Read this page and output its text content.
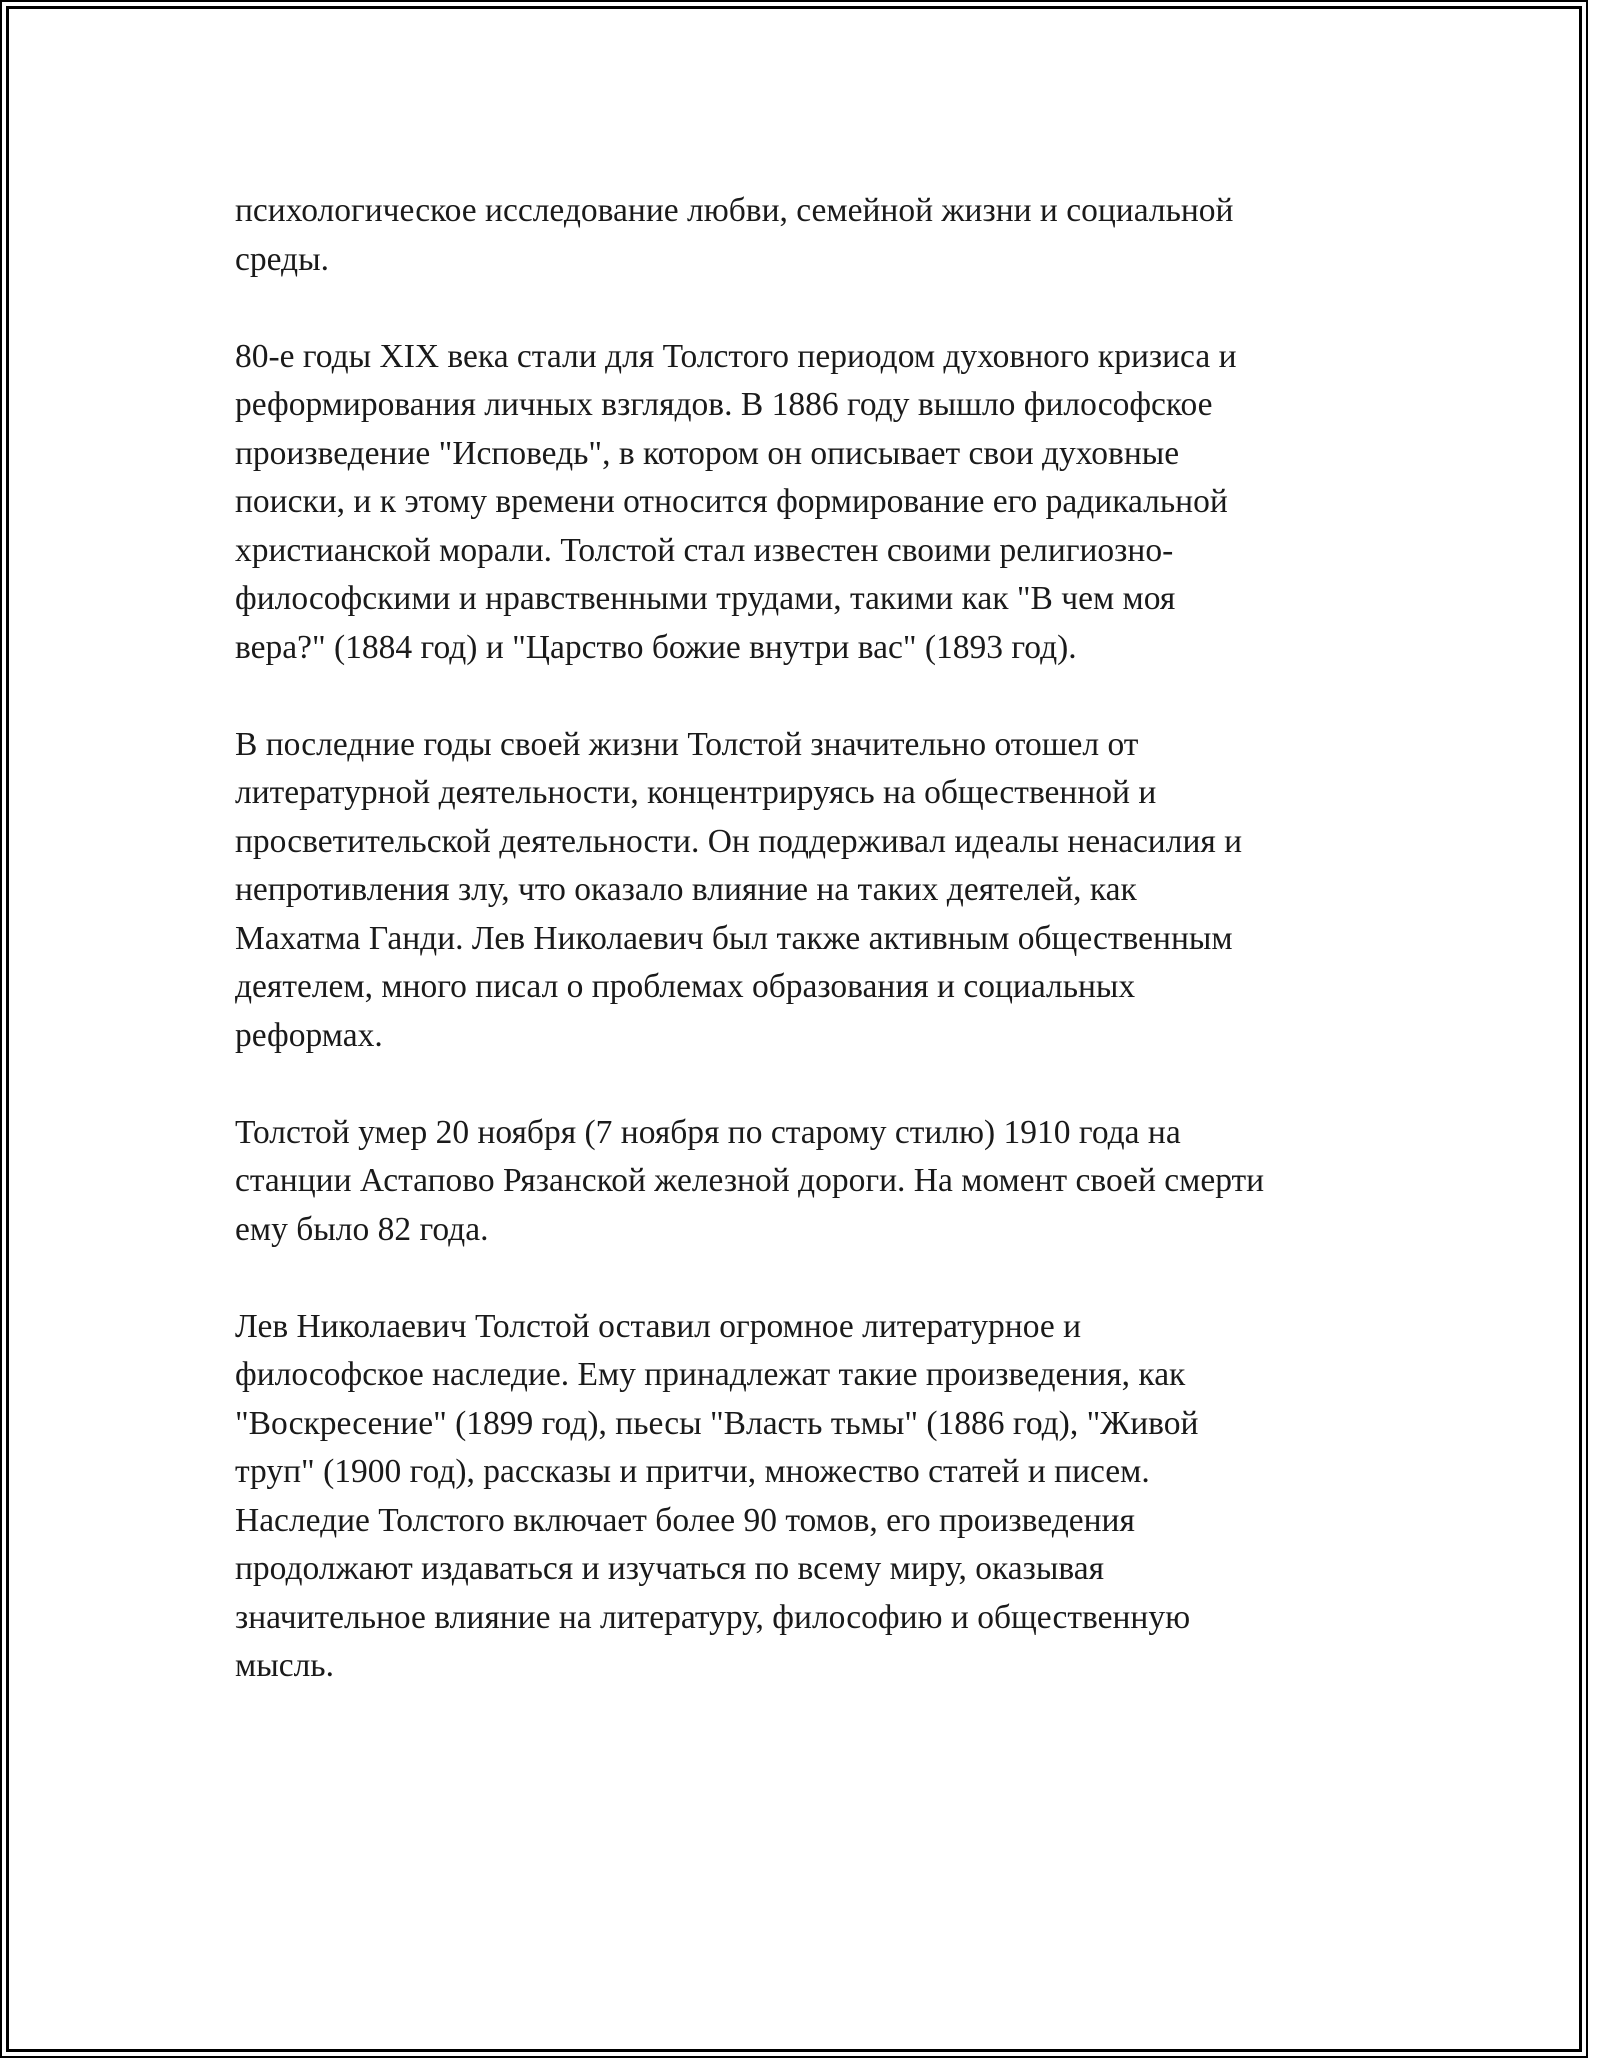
психологическое исследование любви, семейной жизни и социальной
среды.

80-е годы XIX века стали для Толстого периодом духовного кризиса и
реформирования личных взглядов. В 1886 году вышло философское
произведение "Исповедь", в котором он описывает свои духовные
поиски, и к этому времени относится формирование его радикальной
христианской морали. Толстой стал известен своими религиозно-
философскими и нравственными трудами, такими как "В чем моя
вера?" (1884 год) и "Царство божие внутри вас" (1893 год).

В последние годы своей жизни Толстой значительно отошел от
литературной деятельности, концентрируясь на общественной и
просветительской деятельности. Он поддерживал идеалы ненасилия и
непротивления злу, что оказало влияние на таких деятелей, как
Махатма Ганди. Лев Николаевич был также активным общественным
деятелем, много писал о проблемах образования и социальных
реформах.

Толстой умер 20 ноября (7 ноября по старому стилю) 1910 года на
станции Астапово Рязанской железной дороги. На момент своей смерти
ему было 82 года.

Лев Николаевич Толстой оставил огромное литературное и
философское наследие. Ему принадлежат такие произведения, как
"Воскресение" (1899 год), пьесы "Власть тьмы" (1886 год), "Живой
труп" (1900 год), рассказы и притчи, множество статей и писем.
Наследие Толстого включает более 90 томов, его произведения
продолжают издаваться и изучаться по всему миру, оказывая
значительное влияние на литературу, философию и общественную
мысль.
